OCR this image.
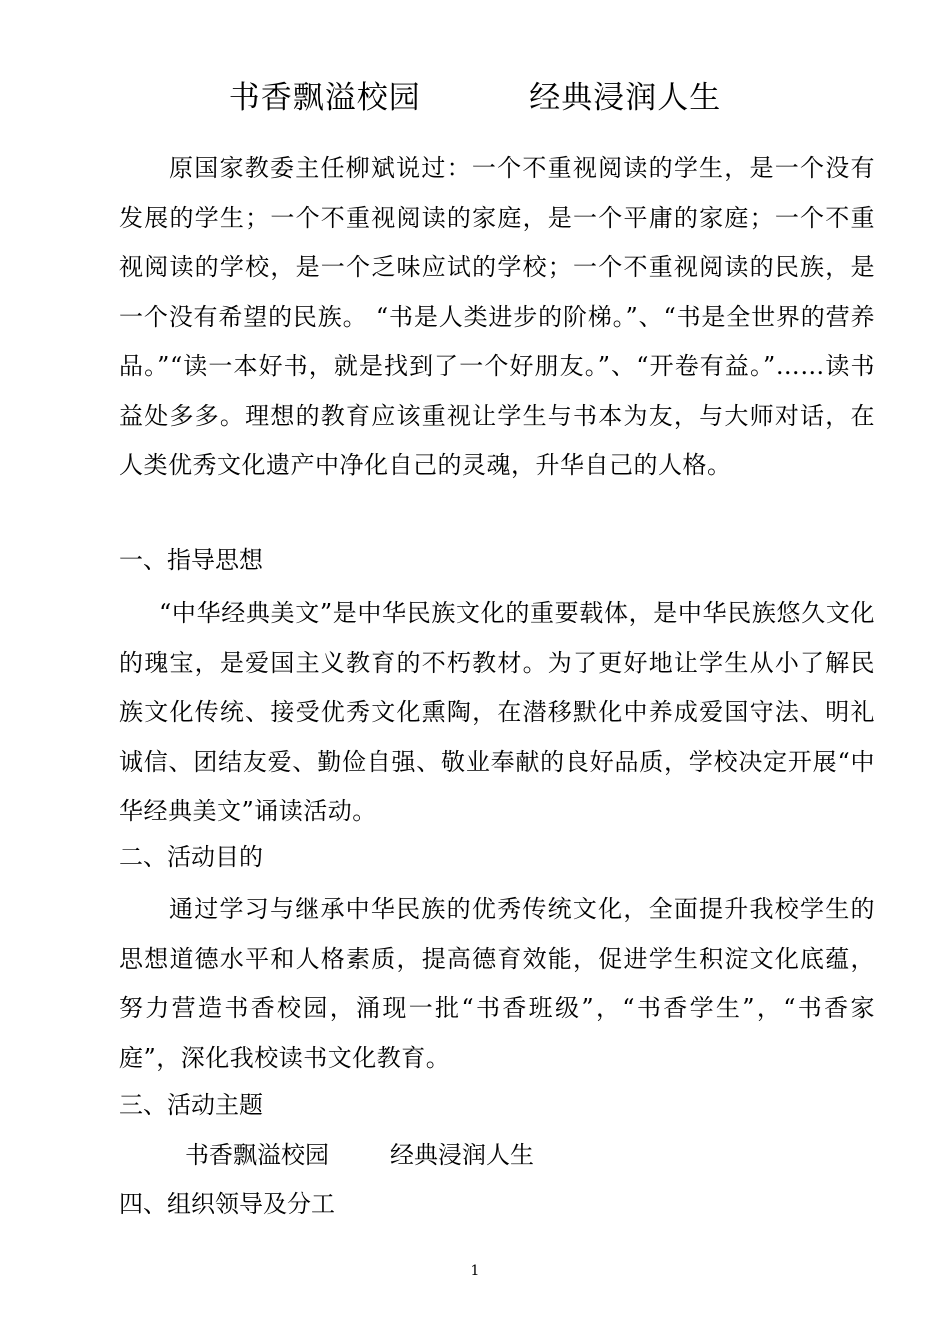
书香飘溢校园          经典浸润人生
原国家教委主任柳斌说过：一个不重视阅读的学生，是一个没有发展的学生；一个不重视阅读的家庭，是一个平庸的家庭；一个不重视阅读的学校，是一个乏味应试的学校；一个不重视阅读的民族，是一个没有希望的民族。 “书是人类进步的阶梯。”、“书是全世界的营养品。”“读一本好书，就是找到了一个好朋友。”、“开卷有益。”……读书益处多多。理想的教育应该重视让学生与书本为友，与大师对话，在人类优秀文化遗产中净化自己的灵魂，升华自己的人格。
一、指导思想
“中华经典美文”是中华民族文化的重要载体，是中华民族悠久文化的瑰宝，是爱国主义教育的不朽教材。为了更好地让学生从小了解民族文化传统、接受优秀文化熏陶，在潜移默化中养成爱国守法、明礼诚信、团结友爱、勤俭自强、敬业奉献的良好品质，学校决定开展“中华经典美文”诵读活动。
二、活动目的
通过学习与继承中华民族的优秀传统文化，全面提升我校学生的思想道德水平和人格素质，提高德育效能，促进学生积淀文化底蕴，努力营造书香校园，涌现一批“书香班级”，“书香学生”，“书香家庭”，深化我校读书文化教育。
三、活动主题
书香飘溢校园        经典浸润人生
四、组织领导及分工
1
